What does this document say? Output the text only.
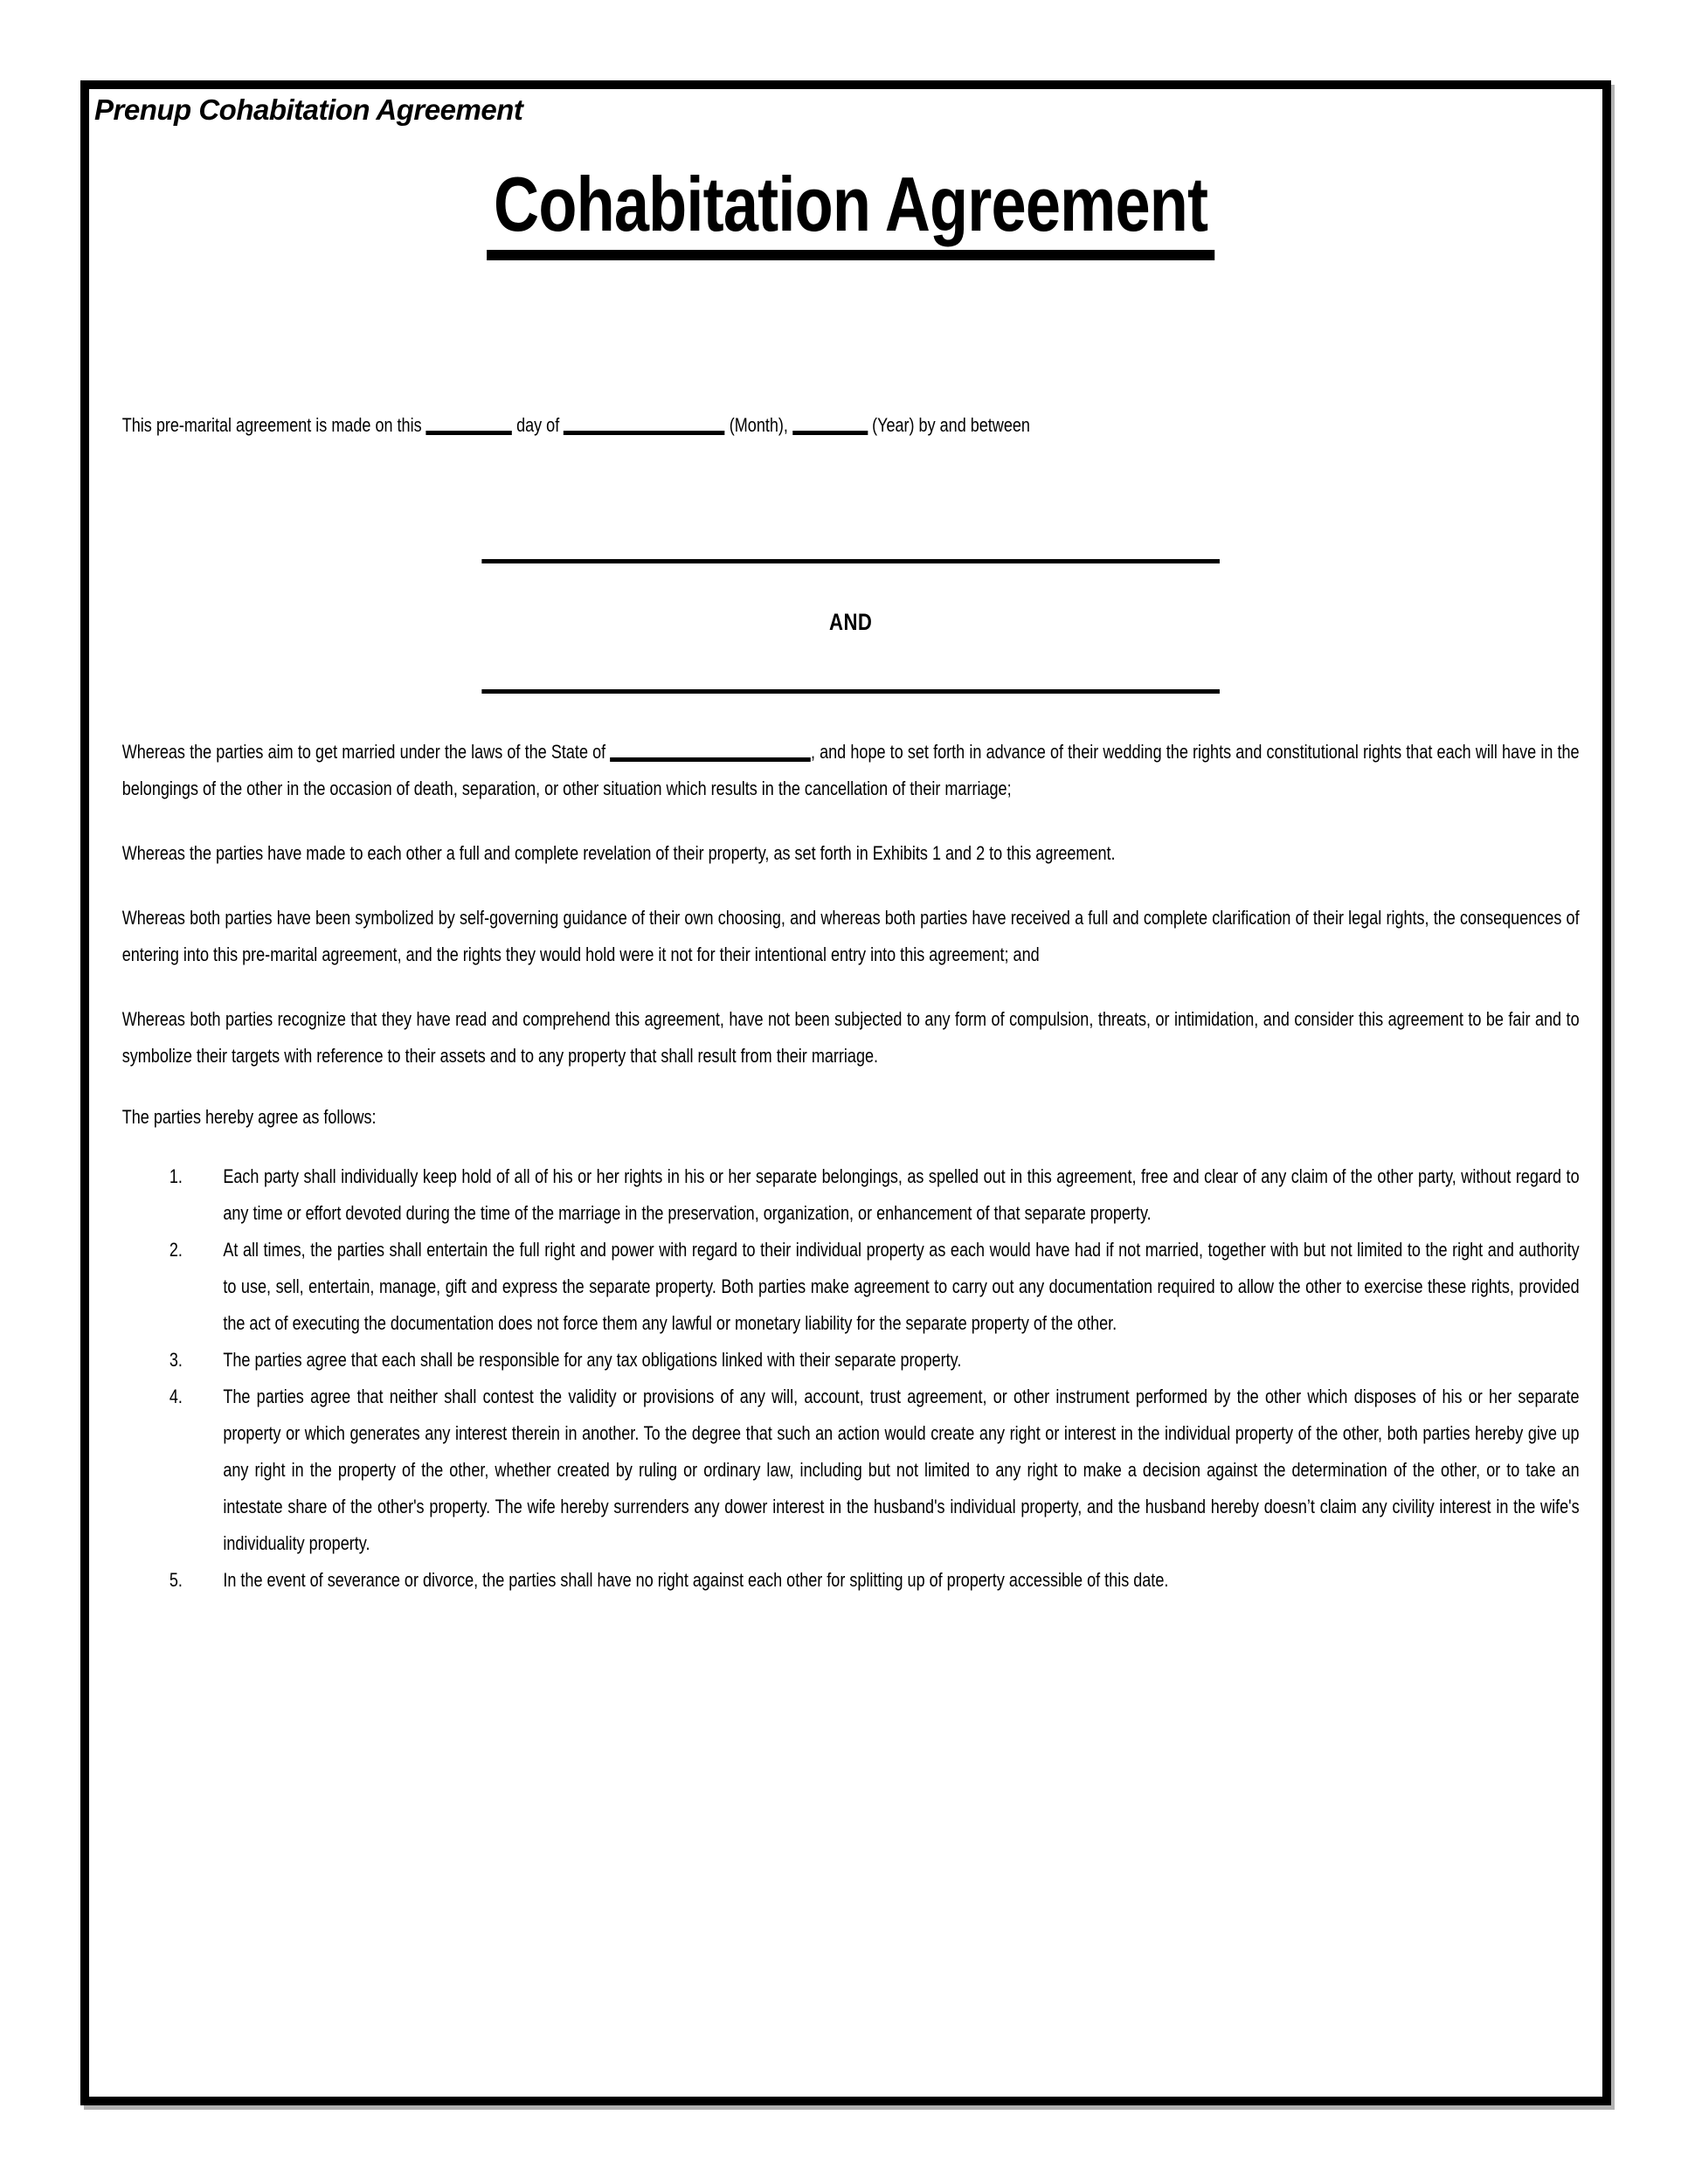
Prenup Cohabitation Agreement
Cohabitation Agreement

This pre-marital agreement is made on this	day of	(Month),	(Year) by and between

AND

Whereas the parties aim to get married under the laws of the State of	, and hope to set forth in advance of their wedding the rights and constitutional rights that each will have in the belongings of the other in the occasion of death, separation, or other situation which results in the cancellation of their marriage;

Whereas the parties have made to each other a full and complete revelation of their property, as set forth in Exhibits 1 and 2 to this agreement.

Whereas both parties have been symbolized by self-governing guidance of their own choosing, and whereas both parties have received a full and complete clarification of their legal rights, the consequences of entering into this pre-marital agreement, and the rights they would hold were it not for their intentional entry into this agreement; and

Whereas both parties recognize that they have read and comprehend this agreement, have not been subjected to any form of compulsion, threats, or intimidation, and consider this agreement to be fair and to symbolize their targets with reference to their assets and to any property that shall result from their marriage.

The parties hereby agree as follows:

1. Each party shall individually keep hold of all of his or her rights in his or her separate belongings, as spelled out in this agreement, free and clear of any claim of the other party, without regard to any time or effort devoted during the time of the marriage in the preservation, organization, or enhancement of that separate property.
2. At all times, the parties shall entertain the full right and power with regard to their individual property as each would have had if not married, together with but not limited to the right and authority to use, sell, entertain, manage, gift and express the separate property. Both parties make agreement to carry out any documentation required to allow the other to exercise these rights, provided the act of executing the documentation does not force them any lawful or monetary liability for the separate property of the other.
3. The parties agree that each shall be responsible for any tax obligations linked with their separate property.
4. The parties agree that neither shall contest the validity or provisions of any will, account, trust agreement, or other instrument performed by the other which disposes of his or her separate property or which generates any interest therein in another. To the degree that such an action would create any right or interest in the individual property of the other, both parties hereby give up any right in the property of the other, whether created by ruling or ordinary law, including but not limited to any right to make a decision against the determination of the other, or to take an intestate share of the other's property. The wife hereby surrenders any dower interest in the husband's individual property, and the husband hereby doesn’t claim any civility interest in the wife's individuality property.
5. In the event of severance or divorce, the parties shall have no right against each other for splitting up of property accessible of this date.
